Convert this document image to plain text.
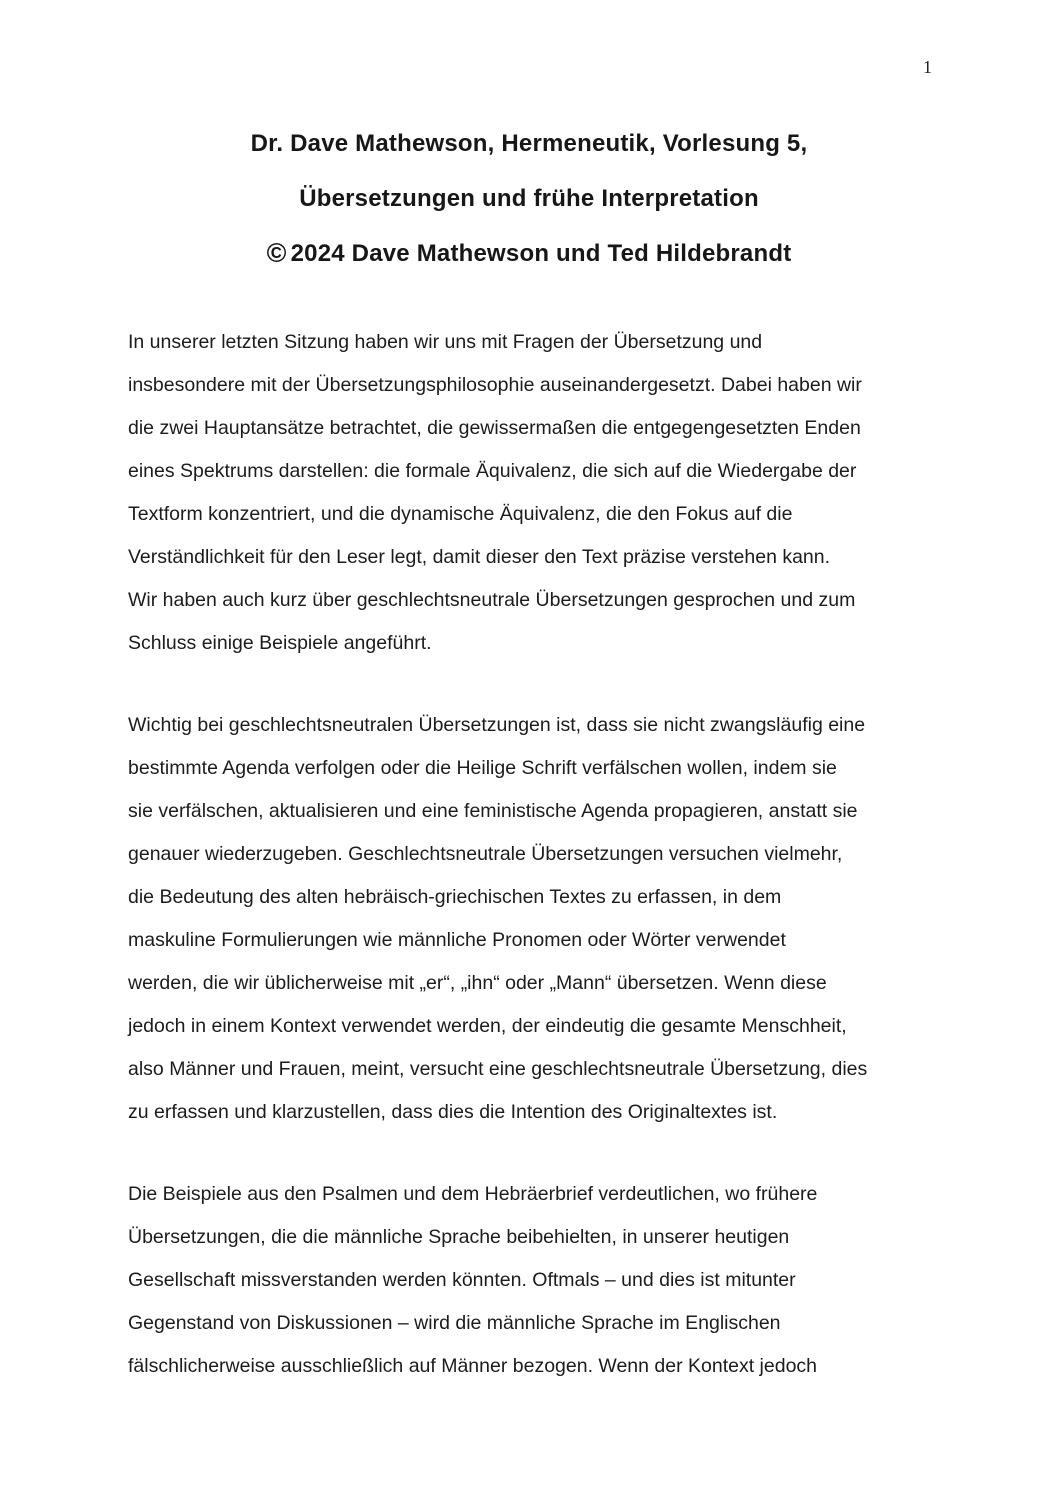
1
Dr. Dave Mathewson, Hermeneutik, Vorlesung 5,
Übersetzungen und frühe Interpretation
© 2024 Dave Mathewson und Ted Hildebrandt
In unserer letzten Sitzung haben wir uns mit Fragen der Übersetzung und
insbesondere mit der Übersetzungsphilosophie auseinandergesetzt. Dabei haben wir
die zwei Hauptansätze betrachtet, die gewissermaßen die entgegengesetzten Enden
eines Spektrums darstellen: die formale Äquivalenz, die sich auf die Wiedergabe der
Textform konzentriert, und die dynamische Äquivalenz, die den Fokus auf die
Verständlichkeit für den Leser legt, damit dieser den Text präzise verstehen kann.
Wir haben auch kurz über geschlechtsneutrale Übersetzungen gesprochen und zum
Schluss einige Beispiele angeführt.
Wichtig bei geschlechtsneutralen Übersetzungen ist, dass sie nicht zwangsläufig eine
bestimmte Agenda verfolgen oder die Heilige Schrift verfälschen wollen, indem sie
sie verfälschen, aktualisieren und eine feministische Agenda propagieren, anstatt sie
genauer wiederzugeben. Geschlechtsneutrale Übersetzungen versuchen vielmehr,
die Bedeutung des alten hebräisch-griechischen Textes zu erfassen, in dem
maskuline Formulierungen wie männliche Pronomen oder Wörter verwendet
werden, die wir üblicherweise mit „er“, „ihn“ oder „Mann“ übersetzen. Wenn diese
jedoch in einem Kontext verwendet werden, der eindeutig die gesamte Menschheit,
also Männer und Frauen, meint, versucht eine geschlechtsneutrale Übersetzung, dies
zu erfassen und klarzustellen, dass dies die Intention des Originaltextes ist.
Die Beispiele aus den Psalmen und dem Hebräerbrief verdeutlichen, wo frühere
Übersetzungen, die die männliche Sprache beibehielten, in unserer heutigen
Gesellschaft missverstanden werden könnten. Oftmals – und dies ist mitunter
Gegenstand von Diskussionen – wird die männliche Sprache im Englischen
fälschlicherweise ausschließlich auf Männer bezogen. Wenn der Kontext jedoch
